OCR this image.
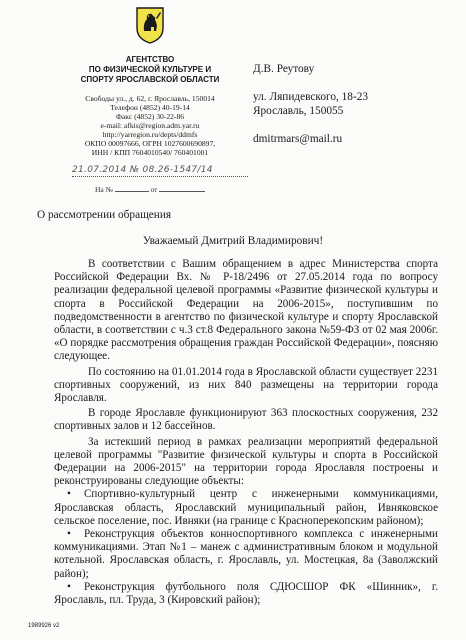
АГЕНТСТВО
ПО ФИЗИЧЕСКОЙ КУЛЬТУРЕ И
СПОРТУ ЯРОСЛАВСКОЙ ОБЛАСТИ
Свободы ул., д. 62, г. Ярославль, 150014
Телефон (4852) 40-19-14
Факс (4852) 30-22-86
e-mail: afkis@region.adm.yar.ru
http://yarregion.ru/depts/ddmfs
ОКПО 00097666, ОГРН 1027600690897,
ИНН / КПП 7604010540/ 760401001
21.07.2014 № 08.26-1547/14
На №	от
Д.В. Реутову
ул. Ляпидевского, 18-23
Ярославль, 150055
dmitrmars@mail.ru
О рассмотрении обращения
Уважаемый Дмитрий Владимирович!

В соответствии с Вашим обращением в адрес Министерства спорта Российской Федерации Вх. № Р-18/2496 от 27.05.2014 года по вопросу реализации федеральной целевой программы «Развитие физической культуры и спорта в Российской Федерации на 2006-2015», поступившим по подведомственности в агентство по физической культуре и спорту Ярославской области, в соответствии с ч.3 ст.8 Федерального закона №59-ФЗ от 02 мая 2006г. «О порядке рассмотрения обращения граждан Российской Федерации», поясняю следующее.

По состоянию на 01.01.2014 года в Ярославской области существует 2231 спортивных сооружений, из них 840 размещены на территории города Ярославля.

В городе Ярославле функционируют 363 плоскостных сооружения, 232 спортивных залов и 12 бассейнов.

За истекший период в рамках реализации мероприятий федеральной целевой программы "Развитие физической культуры и спорта в Российской Федерации на 2006-2015" на территории города Ярославля построены и реконструированы следующие объекты:

• Спортивно-культурный центр с инженерными коммуникациями, Ярославская область, Ярославский муниципальный район, Ивняковское сельское поселение, пос. Ивняки (на границе с Красноперекопским районом);

• Реконструкция объектов конноспортивного комплекса с инженерными коммуникациями. Этап №1 – манеж с административным блоком и модульной котельной. Ярославская область, г. Ярославль, ул. Мостецкая, 8а (Заволжский район);

• Реконструкция футбольного поля СДЮСШОР ФК «Шинник», г. Ярославль, пл. Труда, 3 (Кировский район);

1989926 v2
